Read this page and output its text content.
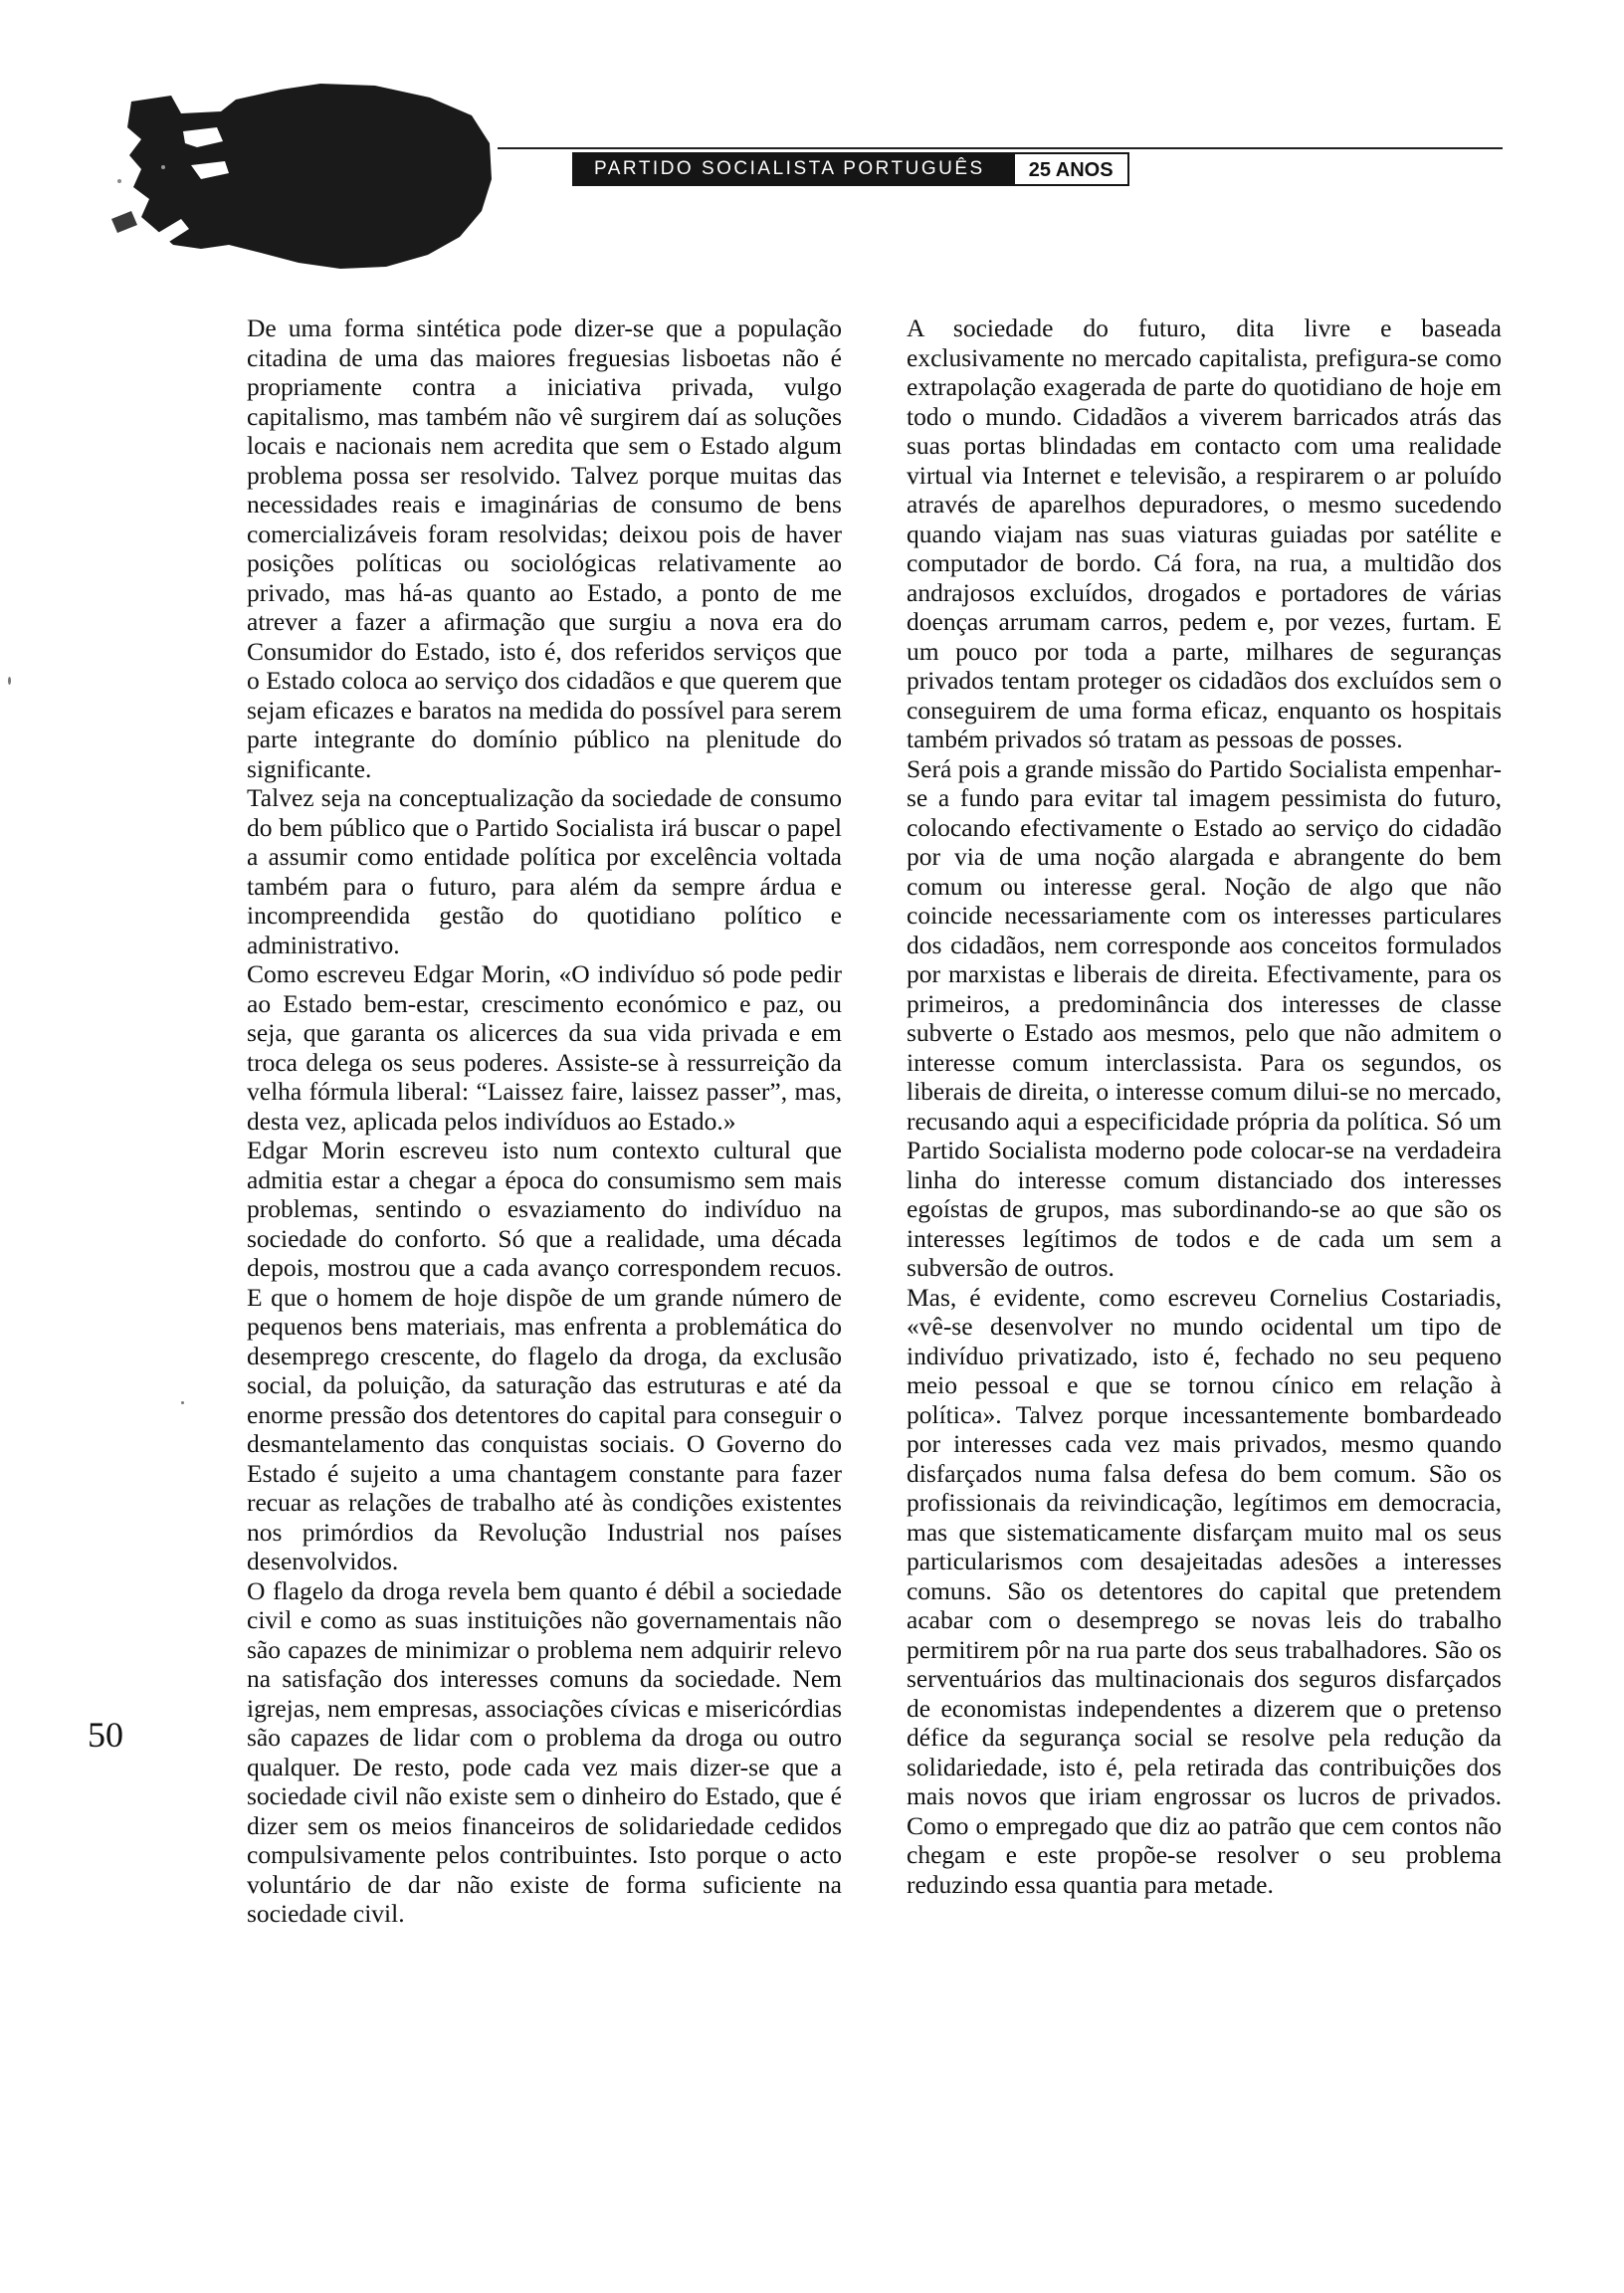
PARTIDO SOCIALISTA PORTUGUÊS	25 ANOS
50

De uma forma sintética pode dizer-se que a população citadina de uma das maiores freguesias lisboetas não é propriamente contra a iniciativa privada, vulgo capitalismo, mas também não vê surgirem daí as soluções locais e nacionais nem acredita que sem o Estado algum problema possa ser resolvido. Talvez porque muitas das necessidades reais e imaginárias de consumo de bens comercializáveis foram resolvidas; deixou pois de haver posições políticas ou sociológicas relativamente ao privado, mas há-as quanto ao Estado, a ponto de me atrever a fazer a afirmação que surgiu a nova era do Consumidor do Estado, isto é, dos referidos serviços que o Estado coloca ao serviço dos cidadãos e que querem que sejam eficazes e baratos na medida do possível para serem parte integrante do domínio público na plenitude do significante.

Talvez seja na conceptualização da sociedade de consumo do bem público que o Partido Socialista irá buscar o papel a assumir como entidade política por excelência voltada também para o futuro, para além da sempre árdua e incompreendida gestão do quotidiano político e administrativo.

Como escreveu Edgar Morin, «O indivíduo só pode pedir ao Estado bem-estar, crescimento económico e paz, ou seja, que garanta os alicerces da sua vida privada e em troca delega os seus poderes. Assiste-se à ressurreição da velha fórmula liberal: “Laissez faire, laissez passer”, mas, desta vez, aplicada pelos indivíduos ao Estado.»

Edgar Morin escreveu isto num contexto cultural que admitia estar a chegar a época do consumismo sem mais problemas, sentindo o esvaziamento do indivíduo na sociedade do conforto. Só que a realidade, uma década depois, mostrou que a cada avanço correspondem recuos. E que o homem de hoje dispõe de um grande número de pequenos bens materiais, mas enfrenta a problemática do desemprego crescente, do flagelo da droga, da exclusão social, da poluição, da saturação das estruturas e até da enorme pressão dos detentores do capital para conseguir o desmantelamento das conquistas sociais. O Governo do Estado é sujeito a uma chantagem constante para fazer recuar as relações de trabalho até às condições existentes nos primórdios da Revolução Industrial nos países desenvolvidos.

O flagelo da droga revela bem quanto é débil a sociedade civil e como as suas instituições não governamentais não são capazes de minimizar o problema nem adquirir relevo na satisfação dos interesses comuns da sociedade. Nem igrejas, nem empresas, associações cívicas e misericórdias são capazes de lidar com o problema da droga ou outro qualquer. De resto, pode cada vez mais dizer-se que a sociedade civil não existe sem o dinheiro do Estado, que é dizer sem os meios financeiros de solidariedade cedidos compulsivamente pelos contribuintes. Isto porque o acto voluntário de dar não existe de forma suficiente na sociedade civil.

A sociedade do futuro, dita livre e baseada exclusivamente no mercado capitalista, prefigura-se como extrapolação exagerada de parte do quotidiano de hoje em todo o mundo. Cidadãos a viverem barricados atrás das suas portas blindadas em contacto com uma realidade virtual via Internet e televisão, a respirarem o ar poluído através de aparelhos depuradores, o mesmo sucedendo quando viajam nas suas viaturas guiadas por satélite e computador de bordo. Cá fora, na rua, a multidão dos andrajosos excluídos, drogados e portadores de várias doenças arrumam carros, pedem e, por vezes, furtam. E um pouco por toda a parte, milhares de seguranças privados tentam proteger os cidadãos dos excluídos sem o conseguirem de uma forma eficaz, enquanto os hospitais também privados só tratam as pessoas de posses.

Será pois a grande missão do Partido Socialista empenhar-se a fundo para evitar tal imagem pessimista do futuro, colocando efectivamente o Estado ao serviço do cidadão por via de uma noção alargada e abrangente do bem comum ou interesse geral. Noção de algo que não coincide necessariamente com os interesses particulares dos cidadãos, nem corresponde aos conceitos formulados por marxistas e liberais de direita. Efectivamente, para os primeiros, a predominância dos interesses de classe subverte o Estado aos mesmos, pelo que não admitem o interesse comum interclassista. Para os segundos, os liberais de direita, o interesse comum dilui-se no mercado, recusando aqui a especificidade própria da política. Só um Partido Socialista moderno pode colocar-se na verdadeira linha do interesse comum distanciado dos interesses egoístas de grupos, mas subordinando-se ao que são os interesses legítimos de todos e de cada um sem a subversão de outros.

Mas, é evidente, como escreveu Cornelius Costariadis, «vê-se desenvolver no mundo ocidental um tipo de indivíduo privatizado, isto é, fechado no seu pequeno meio pessoal e que se tornou cínico em relação à política». Talvez porque incessantemente bombardeado por interesses cada vez mais privados, mesmo quando disfarçados numa falsa defesa do bem comum. São os profissionais da reivindicação, legítimos em democracia, mas que sistematicamente disfarçam muito mal os seus particularismos com desajeitadas adesões a interesses comuns. São os detentores do capital que pretendem acabar com o desemprego se novas leis do trabalho permitirem pôr na rua parte dos seus trabalhadores. São os serventuários das multinacionais dos seguros disfarçados de economistas independentes a dizerem que o pretenso défice da segurança social se resolve pela redução da solidariedade, isto é, pela retirada das contribuições dos mais novos que iriam engrossar os lucros de privados. Como o empregado que diz ao patrão que cem contos não chegam e este propõe-se resolver o seu problema reduzindo essa quantia para metade.
